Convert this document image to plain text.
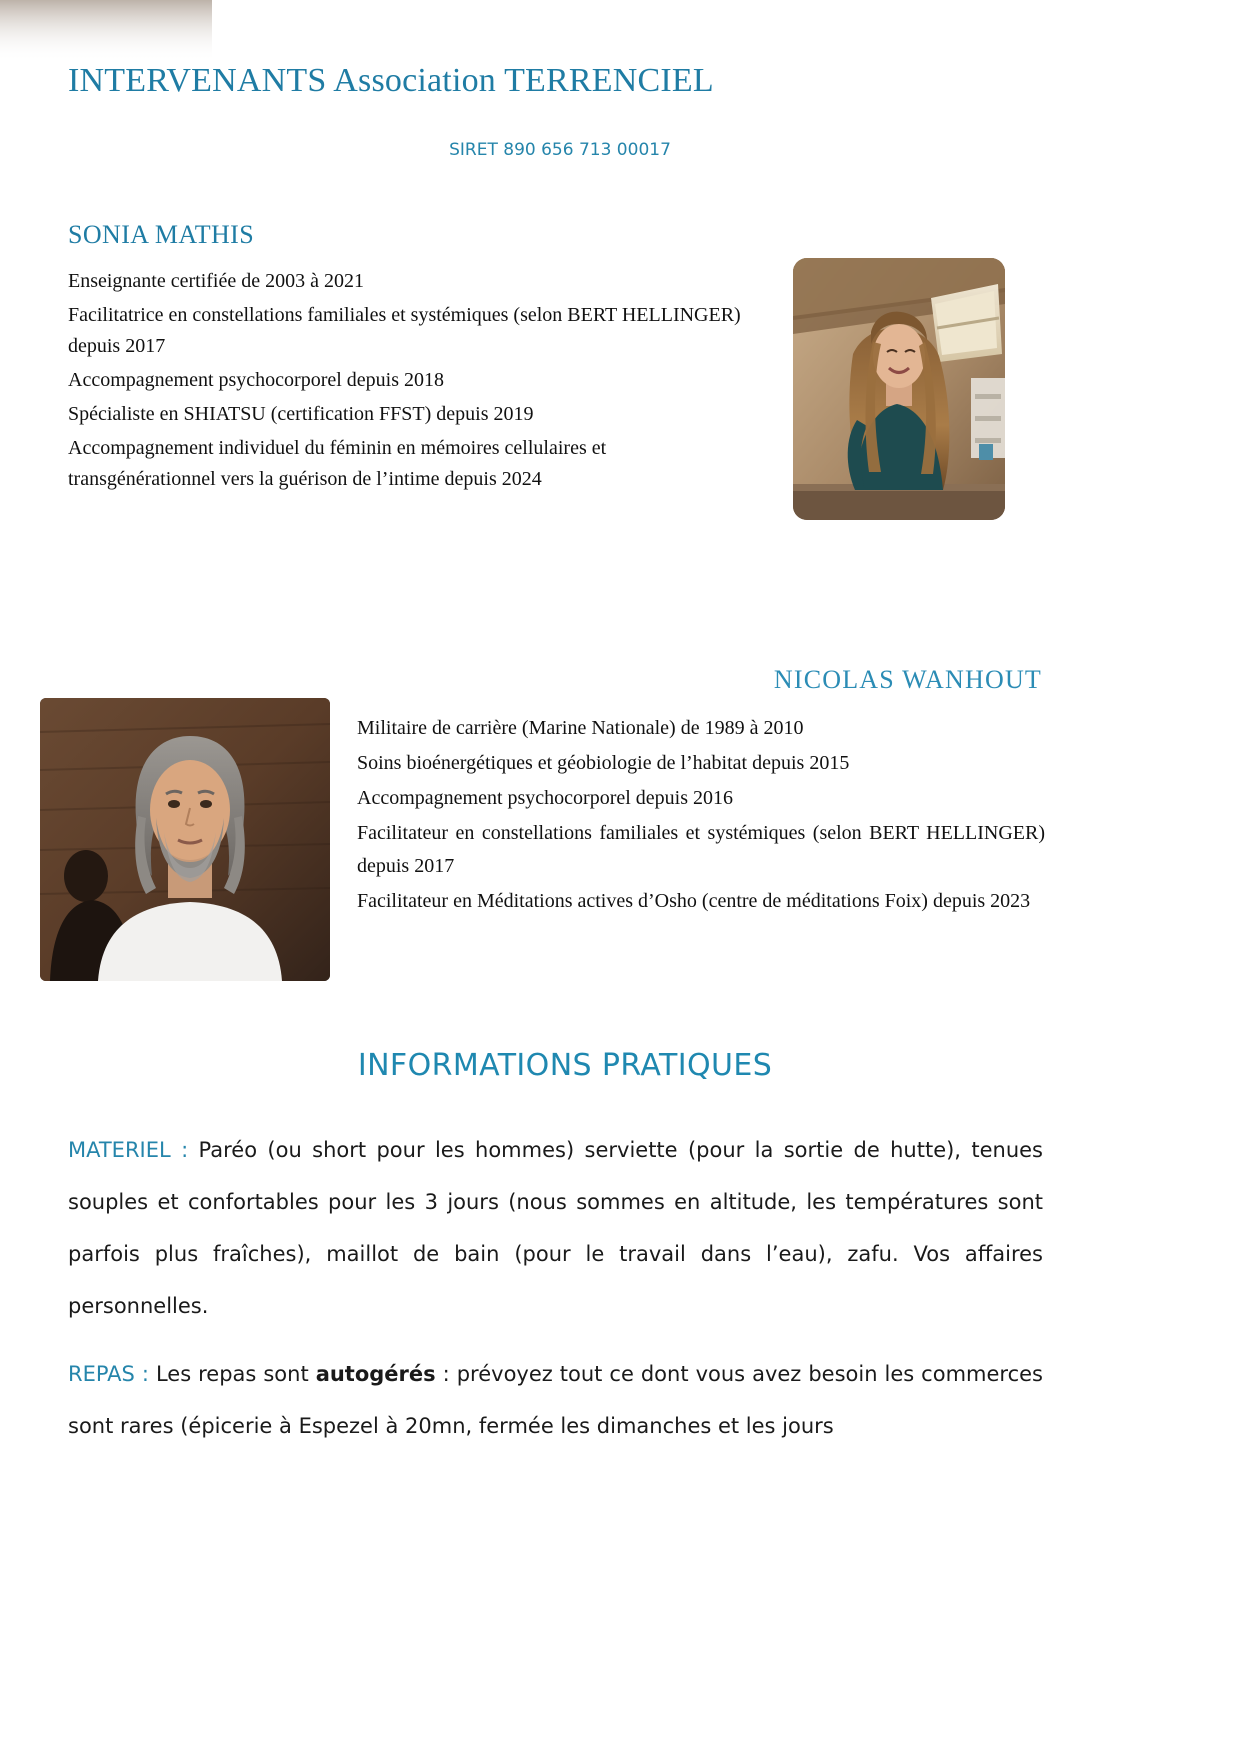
INTERVENANTS Association TERRENCIEL
SIRET 890 656 713 00017
SONIA MATHIS

Enseignante certifiée de 2003 à 2021

Facilitatrice en constellations familiales et systémiques (selon BERT HELLINGER) depuis 2017

Accompagnement psychocorporel depuis 2018

Spécialiste en SHIATSU (certification FFST) depuis 2019

Accompagnement individuel du féminin en mémoires cellulaires et transgénérationnel vers la guérison de l’intime depuis 2024

NICOLAS WANHOUT

Militaire de carrière (Marine Nationale) de 1989 à 2010

Soins bioénergétiques et géobiologie de l’habitat depuis 2015

Accompagnement psychocorporel depuis 2016

Facilitateur en constellations familiales et systémiques (selon BERT HELLINGER) depuis 2017

Facilitateur en Méditations actives d’Osho (centre de méditations Foix) depuis 2023

INFORMATIONS PRATIQUES
MATERIEL : Paréo (ou short pour les hommes) serviette (pour la sortie de hutte), tenues souples et confortables pour les 3 jours (nous sommes en altitude, les températures sont parfois plus fraîches), maillot de bain (pour le travail dans l’eau), zafu. Vos affaires personnelles.
REPAS : Les repas sont autogérés : prévoyez tout ce dont vous avez besoin les commerces sont rares (épicerie à Espezel à 20mn, fermée les dimanches et les jours
